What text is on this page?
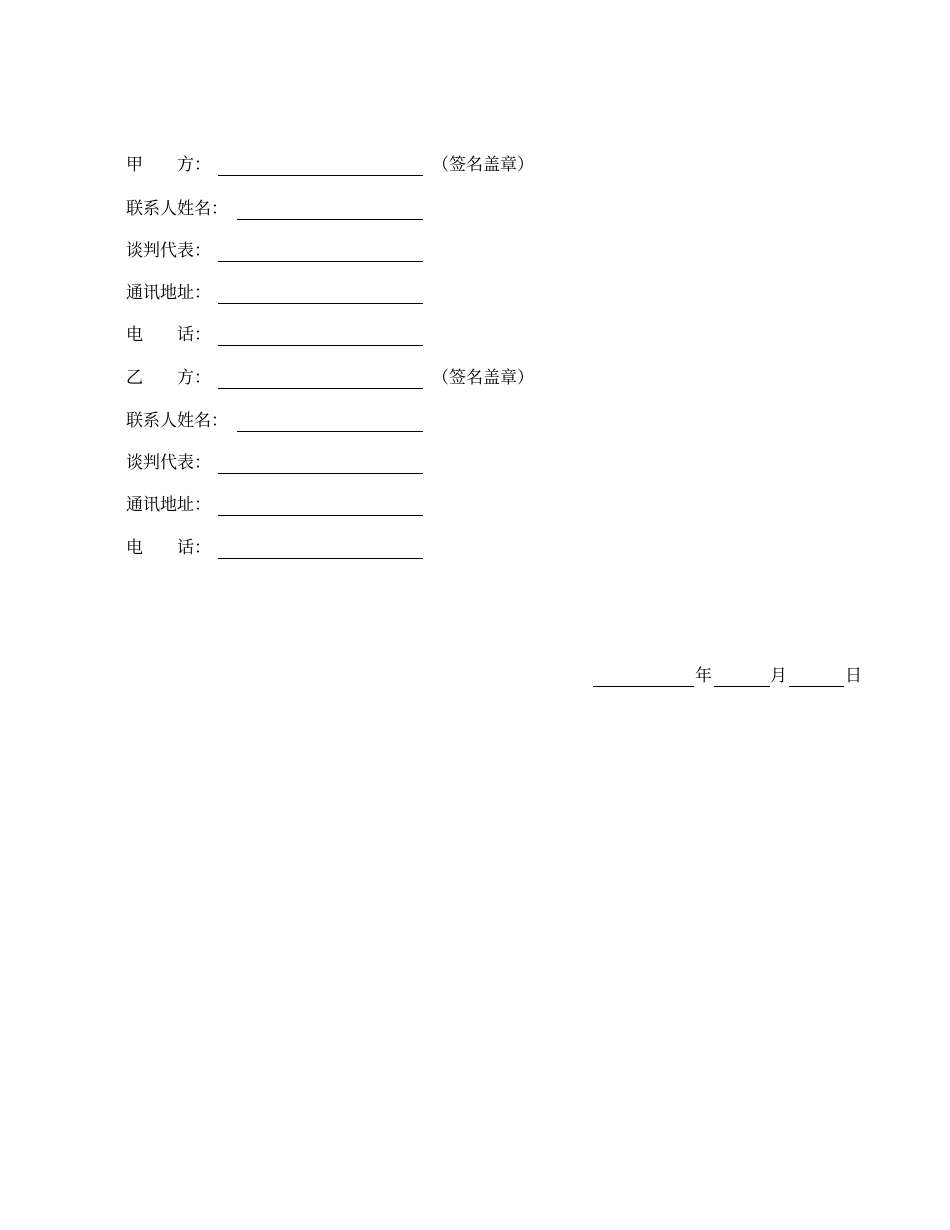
甲　　方：	（签名盖章）
联系人姓名：
谈判代表：
通讯地址：
电　　话：
乙　　方：	（签名盖章）
联系人姓名：
谈判代表：
通讯地址：
电　　话：
年	月	日
